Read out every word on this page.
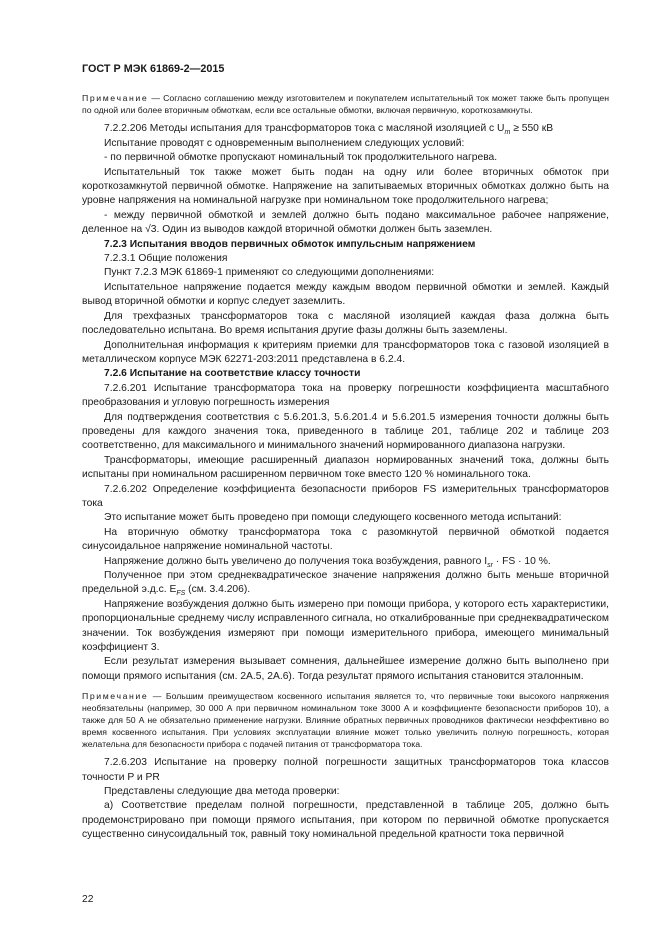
ГОСТ Р МЭК 61869-2—2015
Примечание — Согласно соглашению между изготовителем и покупателем испытательный ток может также быть пропущен по одной или более вторичным обмоткам, если все остальные обмотки, включая первичную, короткозамкнуты.
7.2.2.206 Методы испытания для трансформаторов тока с масляной изоляцией с $U_m \ge 550$ кВ
Испытание проводят с одновременным выполнением следующих условий:
- по первичной обмотке пропускают номинальный ток продолжительного нагрева.
Испытательный ток также может быть подан на одну или более вторичных обмоток при короткозамкнутой первичной обмотке. Напряжение на запитываемых вторичных обмотках должно быть на уровне напряжения на номинальной нагрузке при номинальном токе продолжительного нагрева;
- между первичной обмоткой и землей должно быть подано максимальное рабочее напряжение, деленное на √3. Один из выводов каждой вторичной обмотки должен быть заземлен.
7.2.3 Испытания вводов первичных обмоток импульсным напряжением
7.2.3.1 Общие положения
Пункт 7.2.3 МЭК 61869-1 применяют со следующими дополнениями:
Испытательное напряжение подается между каждым вводом первичной обмотки и землей. Каждый вывод вторичной обмотки и корпус следует заземлить.
Для трехфазных трансформаторов тока с масляной изоляцией каждая фаза должна быть последовательно испытана. Во время испытания другие фазы должны быть заземлены.
Дополнительная информация к критериям приемки для трансформаторов тока с газовой изоляцией в металлическом корпусе МЭК 62271-203:2011 представлена в 6.2.4.
7.2.6 Испытание на соответствие классу точности
7.2.6.201 Испытание трансформатора тока на проверку погрешности коэффициента масштабного преобразования и угловую погрешность измерения
Для подтверждения соответствия с 5.6.201.3, 5.6.201.4 и 5.6.201.5 измерения точности должны быть проведены для каждого значения тока, приведенного в таблице 201, таблице 202 и таблице 203 соответственно, для максимального и минимального значений нормированного диапазона нагрузки.
Трансформаторы, имеющие расширенный диапазон нормированных значений тока, должны быть испытаны при номинальном расширенном первичном токе вместо 120 % номинального тока.
7.2.6.202 Определение коэффициента безопасности приборов FS измерительных трансформаторов тока
Это испытание может быть проведено при помощи следующего косвенного метода испытаний:
На вторичную обмотку трансформатора тока с разомкнутой первичной обмоткой подается синусоидальное напряжение номинальной частоты.
Напряжение должно быть увеличено до получения тока возбуждения, равного $I_{sr}$ · FS · 10 %.
Полученное при этом среднеквадратическое значение напряжения должно быть меньше вторичной предельной э.д.с. $E_{FS}$ (см. 3.4.206).
Напряжение возбуждения должно быть измерено при помощи прибора, у которого есть характеристики, пропорциональные среднему числу исправленного сигнала, но откалиброванные при среднеквадратическом значении. Ток возбуждения измеряют при помощи измерительного прибора, имеющего минимальный коэффициент 3.
Если результат измерения вызывает сомнения, дальнейшее измерение должно быть выполнено при помощи прямого испытания (см. 2А.5, 2А.6). Тогда результат прямого испытания становится эталонным.
Примечание — Большим преимуществом косвенного испытания является то, что первичные токи высокого напряжения необязательны (например, 30 000 А при первичном номинальном токе 3000 А и коэффициенте безопасности приборов 10), а также для 50 А не обязательно применение нагрузки. Влияние обратных первичных проводников фактически неэффективно во время косвенного испытания. При условиях эксплуатации влияние может только увеличить полную погрешность, которая желательна для безопасности прибора с подачей питания от трансформатора тока.
7.2.6.203 Испытание на проверку полной погрешности защитных трансформаторов тока классов точности P и PR
Представлены следующие два метода проверки:
а) Соответствие пределам полной погрешности, представленной в таблице 205, должно быть продемонстрировано при помощи прямого испытания, при котором по первичной обмотке пропускается существенно синусоидальный ток, равный току номинальной предельной кратности тока первичной
22
